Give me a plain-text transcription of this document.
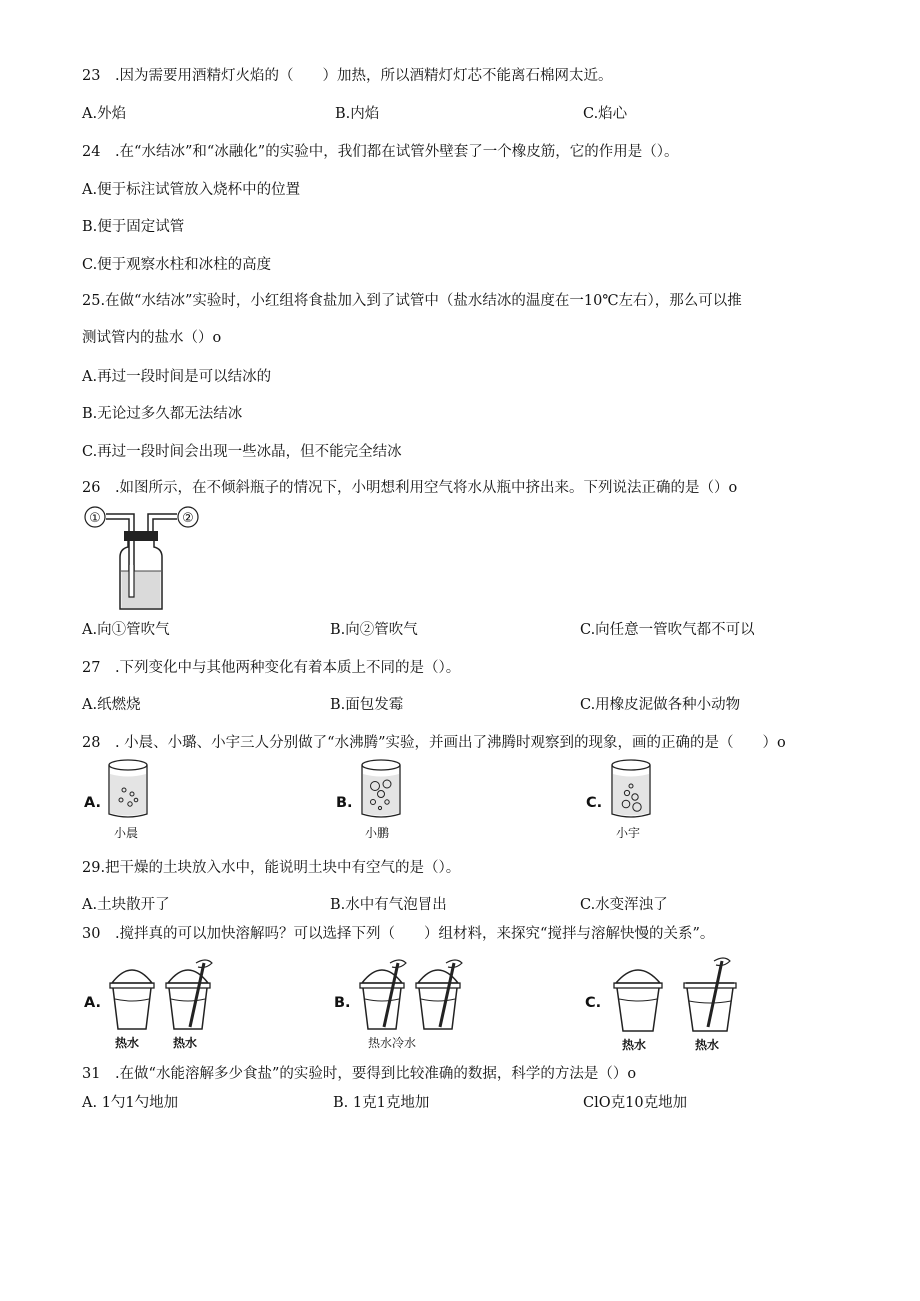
23　.因为需要用酒精灯火焰的（　　）加热，所以酒精灯灯芯不能离石棉网太近。
A.外焰	B.内焰	C.焰心
24　.在“水结冰”和“冰融化”的实验中，我们都在试管外壁套了一个橡皮筋，它的作用是（）。
A.便于标注试管放入烧杯中的位置
B.便于固定试管
C.便于观察水柱和冰柱的高度
25.在做“水结冰”实验时，小红组将食盐加入到了试管中（盐水结冰的温度在一10℃左右），那么可以推
测试管内的盐水（）o
A.再过一段时间是可以结冰的
B.无论过多久都无法结冰
C.再过一段时间会出现一些冰晶，但不能完全结冰
26　.如图所示，在不倾斜瓶子的情况下，小明想利用空气将水从瓶中挤出来。下列说法正确的是（）o
①	②
A.向①管吹气	B.向②管吹气	C.向任意一管吹气都不可以
27　.下列变化中与其他两种变化有着本质上不同的是（）。
A.纸燃烧	B.面包发霉	C.用橡皮泥做各种小动物
28　. 小晨、小璐、小宇三人分别做了“水沸腾”实验，并画出了沸腾时观察到的现象，画的正确的是（　　）o
A.
小晨
B.
小鹏
C.
小宇
29.把干燥的土块放入水中，能说明土块中有空气的是（）。
A.土块散开了	B.水中有气泡冒出	C.水变浑浊了
30　.搅拌真的可以加快溶解吗？可以选择下列（　　）组材料，来探究“搅拌与溶解快慢的关系”。
A.
热水	热水
B.
热水冷水
C.
热水	热水
31　.在做“水能溶解多少食盐”的实验时，要得到比较准确的数据，科学的方法是（）o
A. 1勺1勺地加	B. 1克1克地加	ClO克10克地加
